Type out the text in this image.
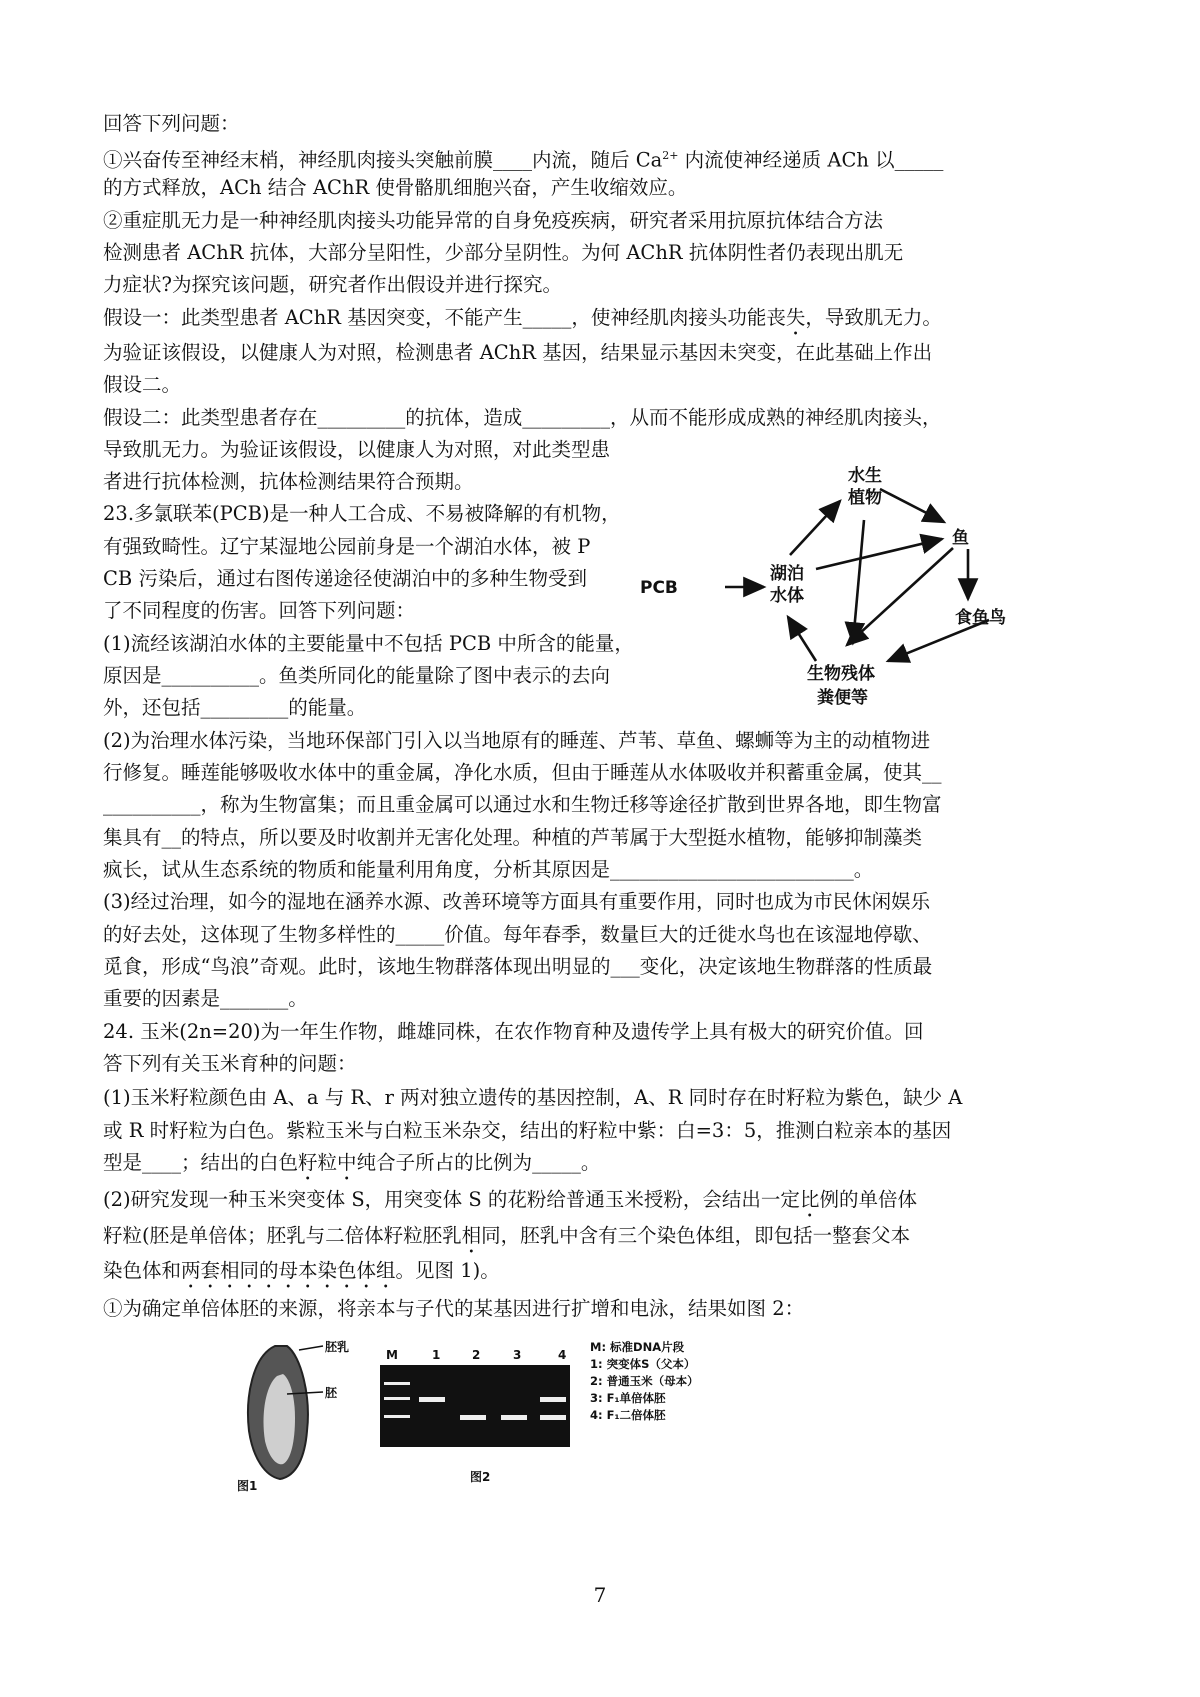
回答下列问题：
①兴奋传至神经末梢，神经肌肉接头突触前膜____内流，随后 $Ca^{2+}$ 内流使神经递质 ACh 以_____
的方式释放，ACh 结合 AChR 使骨骼肌细胞兴奋，产生收缩效应。
②重症肌无力是一种神经肌肉接头功能异常的自身免疫疾病，研究者采用抗原抗体结合方法
检测患者 AChR 抗体，大部分呈阳性，少部分呈阴性。为何 AChR 抗体阴性者仍表现出肌无
力症状?为探究该问题，研究者作出假设并进行探究。
假设一：此类型患者 AChR 基因突变，不能产生_____，使神经肌肉接头功能丧失，导致肌无力。
为验证该假设，以健康人为对照，检测患者 AChR 基因，结果显示基因未突变，在此基础上作出
假设二。
假设二：此类型患者存在_________的抗体，造成_________，从而不能形成成熟的神经肌肉接头，
导致肌无力。为验证该假设，以健康人为对照，对此类型患
者进行抗体检测，抗体检测结果符合预期。
23.多氯联苯(PCB)是一种人工合成、不易被降解的有机物，
有强致畸性。辽宁某湿地公园前身是一个湖泊水体，被 P
CB 污染后，通过右图传递途径使湖泊中的多种生物受到
了不同程度的伤害。回答下列问题：
(1)流经该湖泊水体的主要能量中不包括 PCB 中所含的能量，
原因是__________。鱼类所同化的能量除了图中表示的去向
外，还包括_________的能量。
(2)为治理水体污染，当地环保部门引入以当地原有的睡莲、芦苇、草鱼、螺蛳等为主的动植物进
行修复。睡莲能够吸收水体中的重金属，净化水质，但由于睡莲从水体吸收并积蓄重金属，使其__
__________，称为生物富集；而且重金属可以通过水和生物迁移等途径扩散到世界各地，即生物富
集具有__的特点，所以要及时收割并无害化处理。种植的芦苇属于大型挺水植物，能够抑制藻类
疯长，试从生态系统的物质和能量利用角度，分析其原因是_________________________。
(3)经过治理，如今的湿地在涵养水源、改善环境等方面具有重要作用，同时也成为市民休闲娱乐
的好去处，这体现了生物多样性的_____价值。每年春季，数量巨大的迁徙水鸟也在该湿地停歇、
觅食，形成“鸟浪”奇观。此时，该地生物群落体现出明显的___变化，决定该地生物群落的性质最
重要的因素是_______。
24. 玉米(2n=20)为一年生作物，雌雄同株，在农作物育种及遗传学上具有极大的研究价值。回
答下列有关玉米育种的问题：
(1)玉米籽粒颜色由 A、a 与 R、r 两对独立遗传的基因控制，A、R 同时存在时籽粒为紫色，缺少 A
或 R 时籽粒为白色。紫粒玉米与白粒玉米杂交，结出的籽粒中紫：白=3：5，推测白粒亲本的基因
型是____；结出的白色籽粒中纯合子所占的比例为_____。
(2)研究发现一种玉米突变体 S，用突变体 S 的花粉给普通玉米授粉，会结出一定比例的单倍体
籽粒(胚是单倍体；胚乳与二倍体籽粒胚乳相同，胚乳中含有三个染色体组，即包括一整套父本
染色体和两套相同的母本染色体组。见图 1)。
①为确定单倍体胚的来源，将亲本与子代的某基因进行扩增和电泳，结果如图 2：
PCB
湖泊
水体
水生
植物
鱼
食鱼鸟
生物残体
粪便等
胚乳
胚
图1
M	1	2	3	4
图2
M: 标准DNA片段
1: 突变体S（父本）
2: 普通玉米（母本）
3: F₁单倍体胚
4: F₁二倍体胚
7
